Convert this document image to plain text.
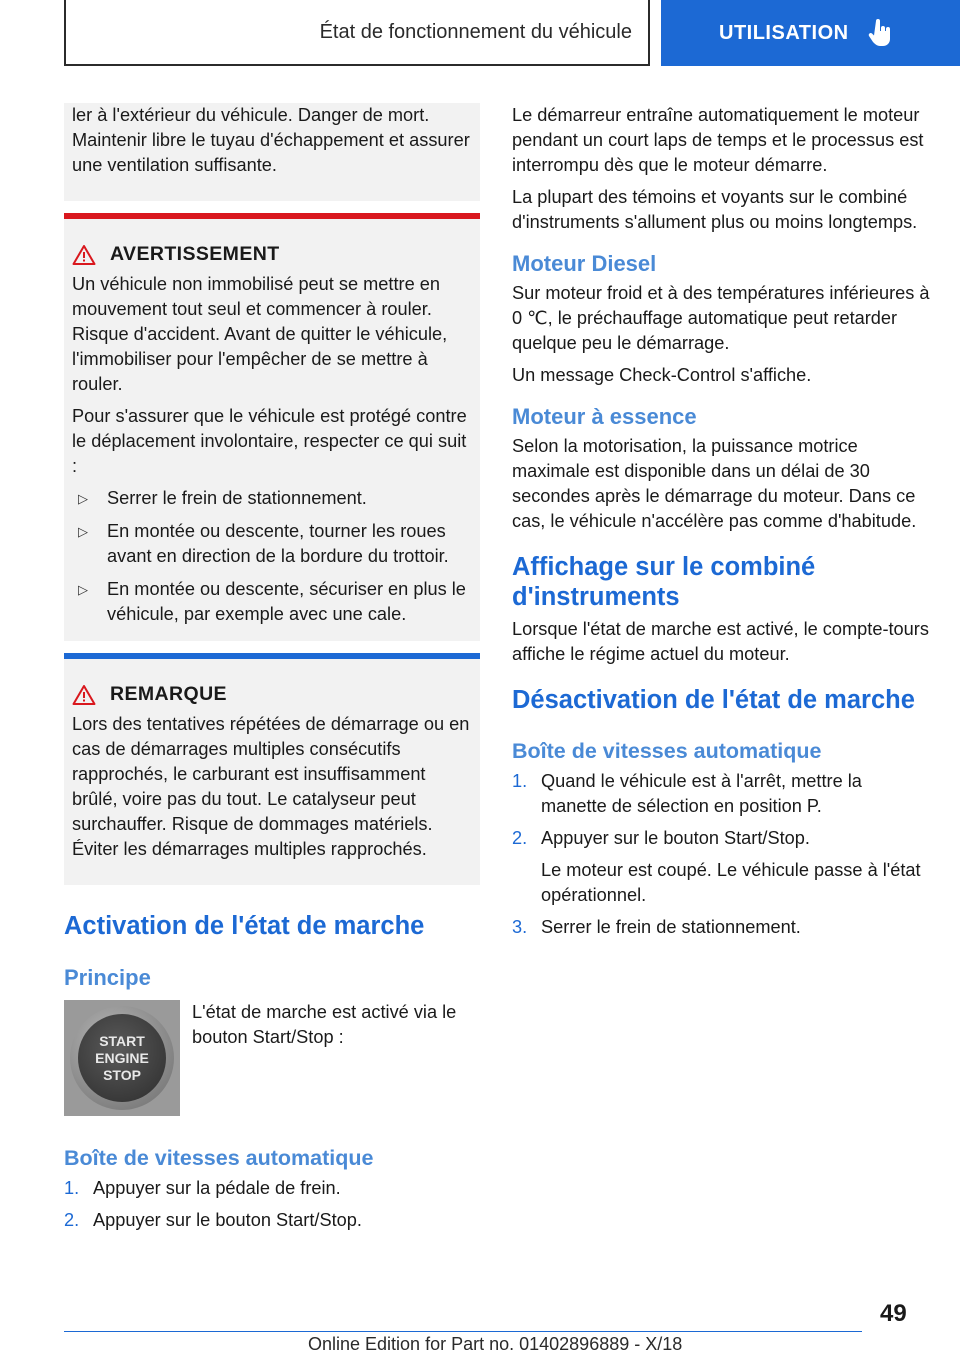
État de fonctionnement du véhicule	UTILISATION

ler à l'extérieur du véhicule. Danger de mort. Maintenir libre le tuyau d'échappement et assurer une ventilation suffisante.

AVERTISSEMENT

Un véhicule non immobilisé peut se mettre en mouvement tout seul et commencer à rouler. Risque d'accident. Avant de quitter le véhicule, l'immobiliser pour l'empêcher de se mettre à rouler.

Pour s'assurer que le véhicule est protégé contre le déplacement involontaire, respecter ce qui suit :

▷ Serrer le frein de stationnement.
▷ En montée ou descente, tourner les roues avant en direction de la bordure du trottoir.
▷ En montée ou descente, sécuriser en plus le véhicule, par exemple avec une cale.
REMARQUE

Lors des tentatives répétées de démarrage ou en cas de démarrages multiples consécutifs rapprochés, le carburant est insuffisamment brûlé, voire pas du tout. Le catalyseur peut surchauffer. Risque de dommages matériels. Éviter les démarrages multiples rapprochés.

Activation de l'état de marche
Principe
START
ENGINE
STOP

L'état de marche est activé via le bouton Start/Stop :

Boîte de vitesses automatique
1. Appuyer sur la pédale de frein.
2. Appuyer sur le bouton Start/Stop.

Le démarreur entraîne automatiquement le moteur pendant un court laps de temps et le processus est interrompu dès que le moteur démarre.

La plupart des témoins et voyants sur le combiné d'instruments s'allument plus ou moins longtemps.

Moteur Diesel

Sur moteur froid et à des températures inférieures à 0 ℃, le préchauffage automatique peut retarder quelque peu le démarrage.

Un message Check-Control s'affiche.

Moteur à essence

Selon la motorisation, la puissance motrice maximale est disponible dans un délai de 30 secondes après le démarrage du moteur. Dans ce cas, le véhicule n'accélère pas comme d'habitude.

Affichage sur le combiné d'instruments

Lorsque l'état de marche est activé, le compte-tours affiche le régime actuel du moteur.

Désactivation de l'état de marche
Boîte de vitesses automatique
1. Quand le véhicule est à l'arrêt, mettre la manette de sélection en position P.
2. Appuyer sur le bouton Start/Stop.
Le moteur est coupé. Le véhicule passe à l'état opérationnel.
3. Serrer le frein de stationnement.
49
Online Edition for Part no. 01402896889 - X/18
